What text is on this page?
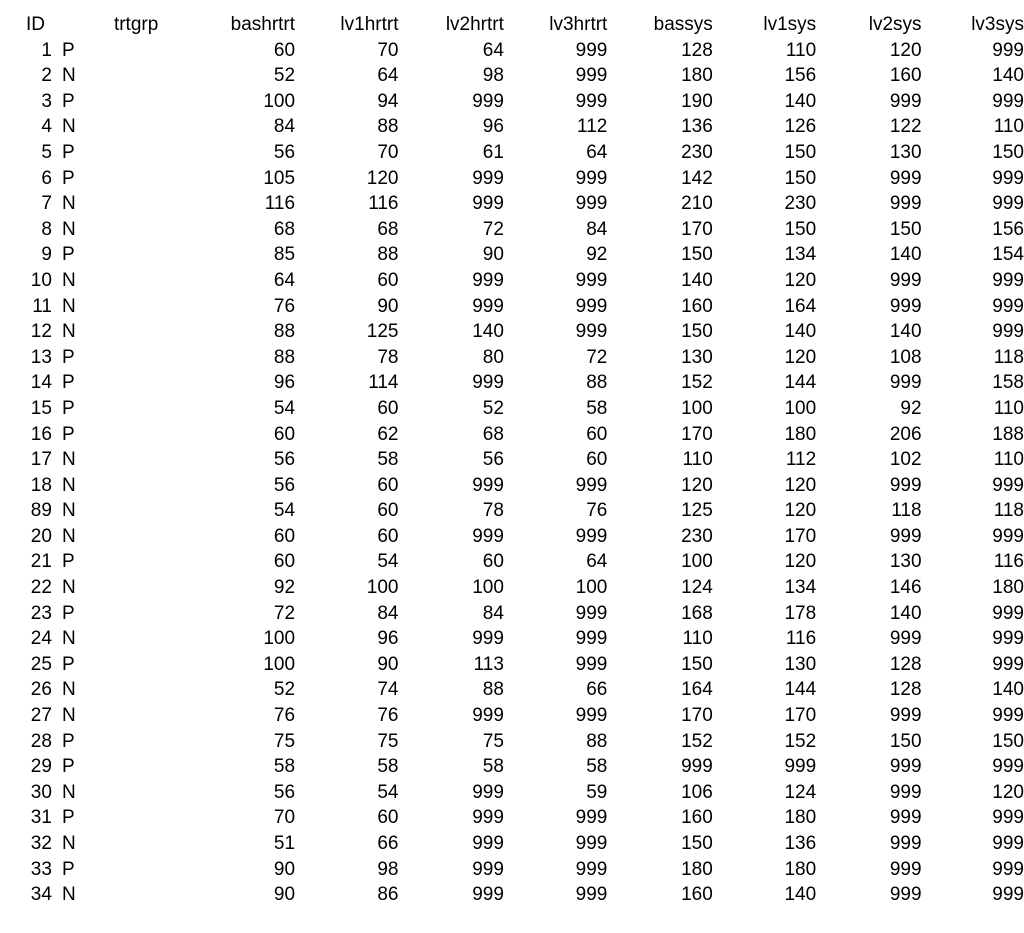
ID	trtgrp	bashrtrt	lv1hrtrt	lv2hrtrt	lv3hrtrt	bassys	lv1sys	lv2sys	lv3sys
1	P	60	70	64	999	128	110	120	999
2	N	52	64	98	999	180	156	160	140
3	P	100	94	999	999	190	140	999	999
4	N	84	88	96	112	136	126	122	110
5	P	56	70	61	64	230	150	130	150
6	P	105	120	999	999	142	150	999	999
7	N	116	116	999	999	210	230	999	999
8	N	68	68	72	84	170	150	150	156
9	P	85	88	90	92	150	134	140	154
10	N	64	60	999	999	140	120	999	999
11	N	76	90	999	999	160	164	999	999
12	N	88	125	140	999	150	140	140	999
13	P	88	78	80	72	130	120	108	118
14	P	96	114	999	88	152	144	999	158
15	P	54	60	52	58	100	100	92	110
16	P	60	62	68	60	170	180	206	188
17	N	56	58	56	60	110	112	102	110
18	N	56	60	999	999	120	120	999	999
89	N	54	60	78	76	125	120	118	118
20	N	60	60	999	999	230	170	999	999
21	P	60	54	60	64	100	120	130	116
22	N	92	100	100	100	124	134	146	180
23	P	72	84	84	999	168	178	140	999
24	N	100	96	999	999	110	116	999	999
25	P	100	90	113	999	150	130	128	999
26	N	52	74	88	66	164	144	128	140
27	N	76	76	999	999	170	170	999	999
28	P	75	75	75	88	152	152	150	150
29	P	58	58	58	58	999	999	999	999
30	N	56	54	999	59	106	124	999	120
31	P	70	60	999	999	160	180	999	999
32	N	51	66	999	999	150	136	999	999
33	P	90	98	999	999	180	180	999	999
34	N	90	86	999	999	160	140	999	999
